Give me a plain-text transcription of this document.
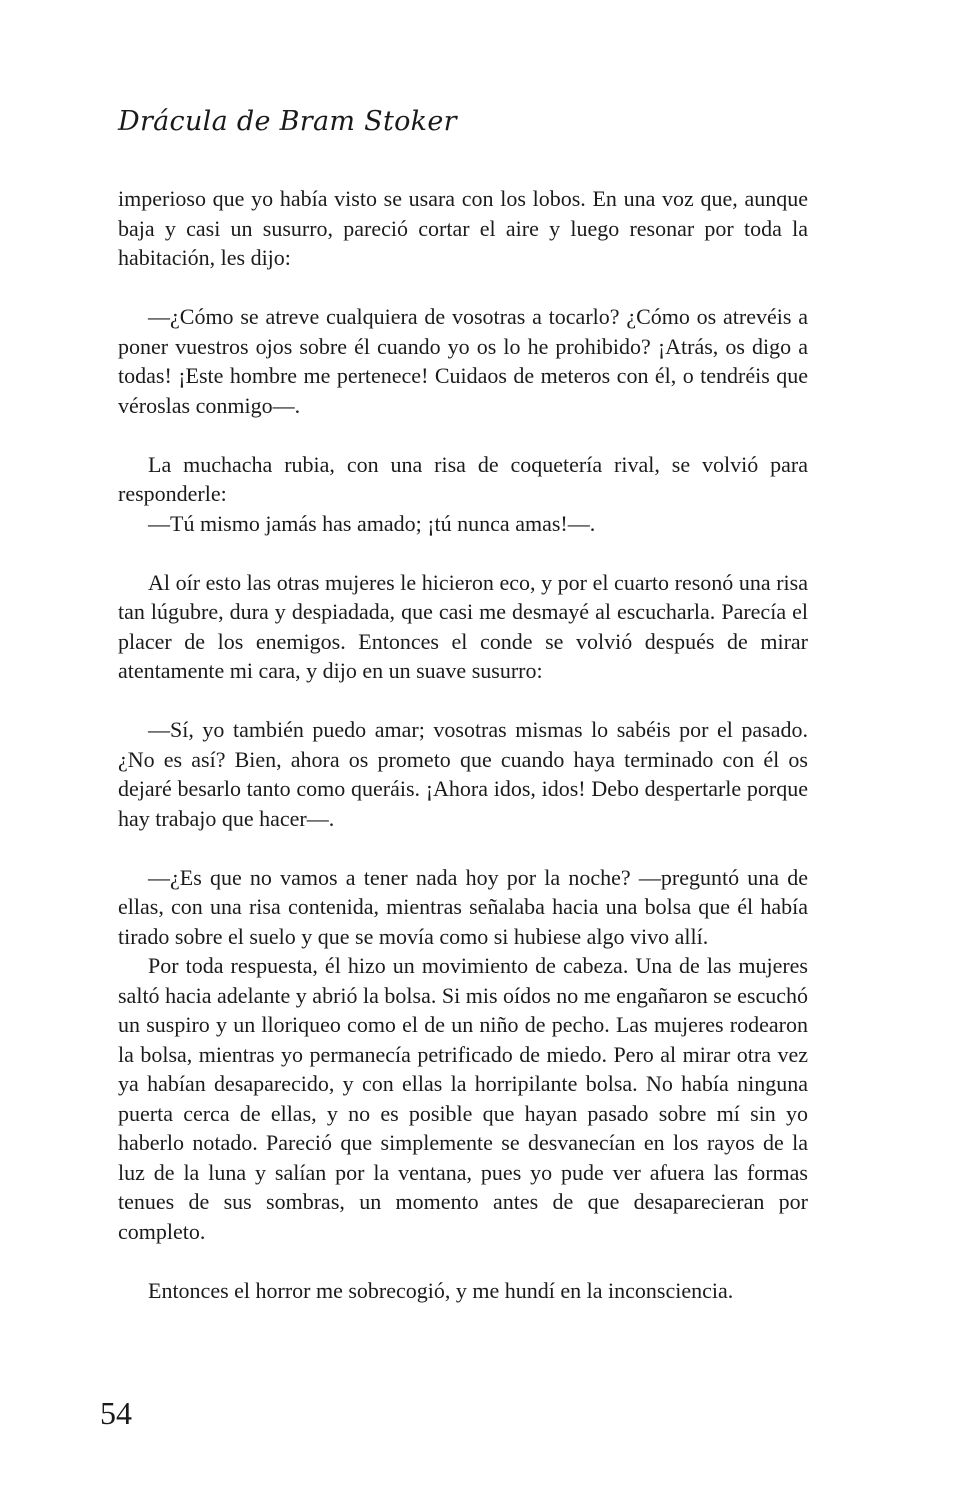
Drácula de Bram Stoker

imperioso que yo había visto se usara con los lobos. En una voz que, aunque baja y casi un susurro, pareció cortar el aire y luego resonar por toda la habitación, les dijo:

—¿Cómo se atreve cualquiera de vosotras a tocarlo? ¿Cómo os atrevéis a poner vuestros ojos sobre él cuando yo os lo he prohibido? ¡Atrás, os digo a todas! ¡Este hombre me pertenece! Cuidaos de meteros con él, o tendréis que véroslas conmigo—.

La muchacha rubia, con una risa de coquetería rival, se volvió para responderle:

—Tú mismo jamás has amado; ¡tú nunca amas!—.

Al oír esto las otras mujeres le hicieron eco, y por el cuarto resonó una risa tan lúgubre, dura y despiadada, que casi me desmayé al escucharla. Parecía el placer de los enemigos. Entonces el conde se volvió después de mirar atentamente mi cara, y dijo en un suave susurro:

—Sí, yo también puedo amar; vosotras mismas lo sabéis por el pasado. ¿No es así? Bien, ahora os prometo que cuando haya terminado con él os dejaré besarlo tanto como queráis. ¡Ahora idos, idos! Debo despertarle porque hay trabajo que hacer—.

—¿Es que no vamos a tener nada hoy por la noche? —preguntó una de ellas, con una risa contenida, mientras señalaba hacia una bolsa que él había tirado sobre el suelo y que se movía como si hubiese algo vivo allí.

Por toda respuesta, él hizo un movimiento de cabeza. Una de las mujeres saltó hacia adelante y abrió la bolsa. Si mis oídos no me engañaron se escuchó un suspiro y un lloriqueo como el de un niño de pecho. Las mujeres rodearon la bolsa, mientras yo permanecía petrificado de miedo. Pero al mirar otra vez ya habían desaparecido, y con ellas la horripilante bolsa. No había ninguna puerta cerca de ellas, y no es posible que hayan pasado sobre mí sin yo haberlo notado. Pareció que simplemente se desvanecían en los rayos de la luz de la luna y salían por la ventana, pues yo pude ver afuera las formas tenues de sus sombras, un momento antes de que desaparecieran por completo.

Entonces el horror me sobrecogió, y me hundí en la inconsciencia.

54
